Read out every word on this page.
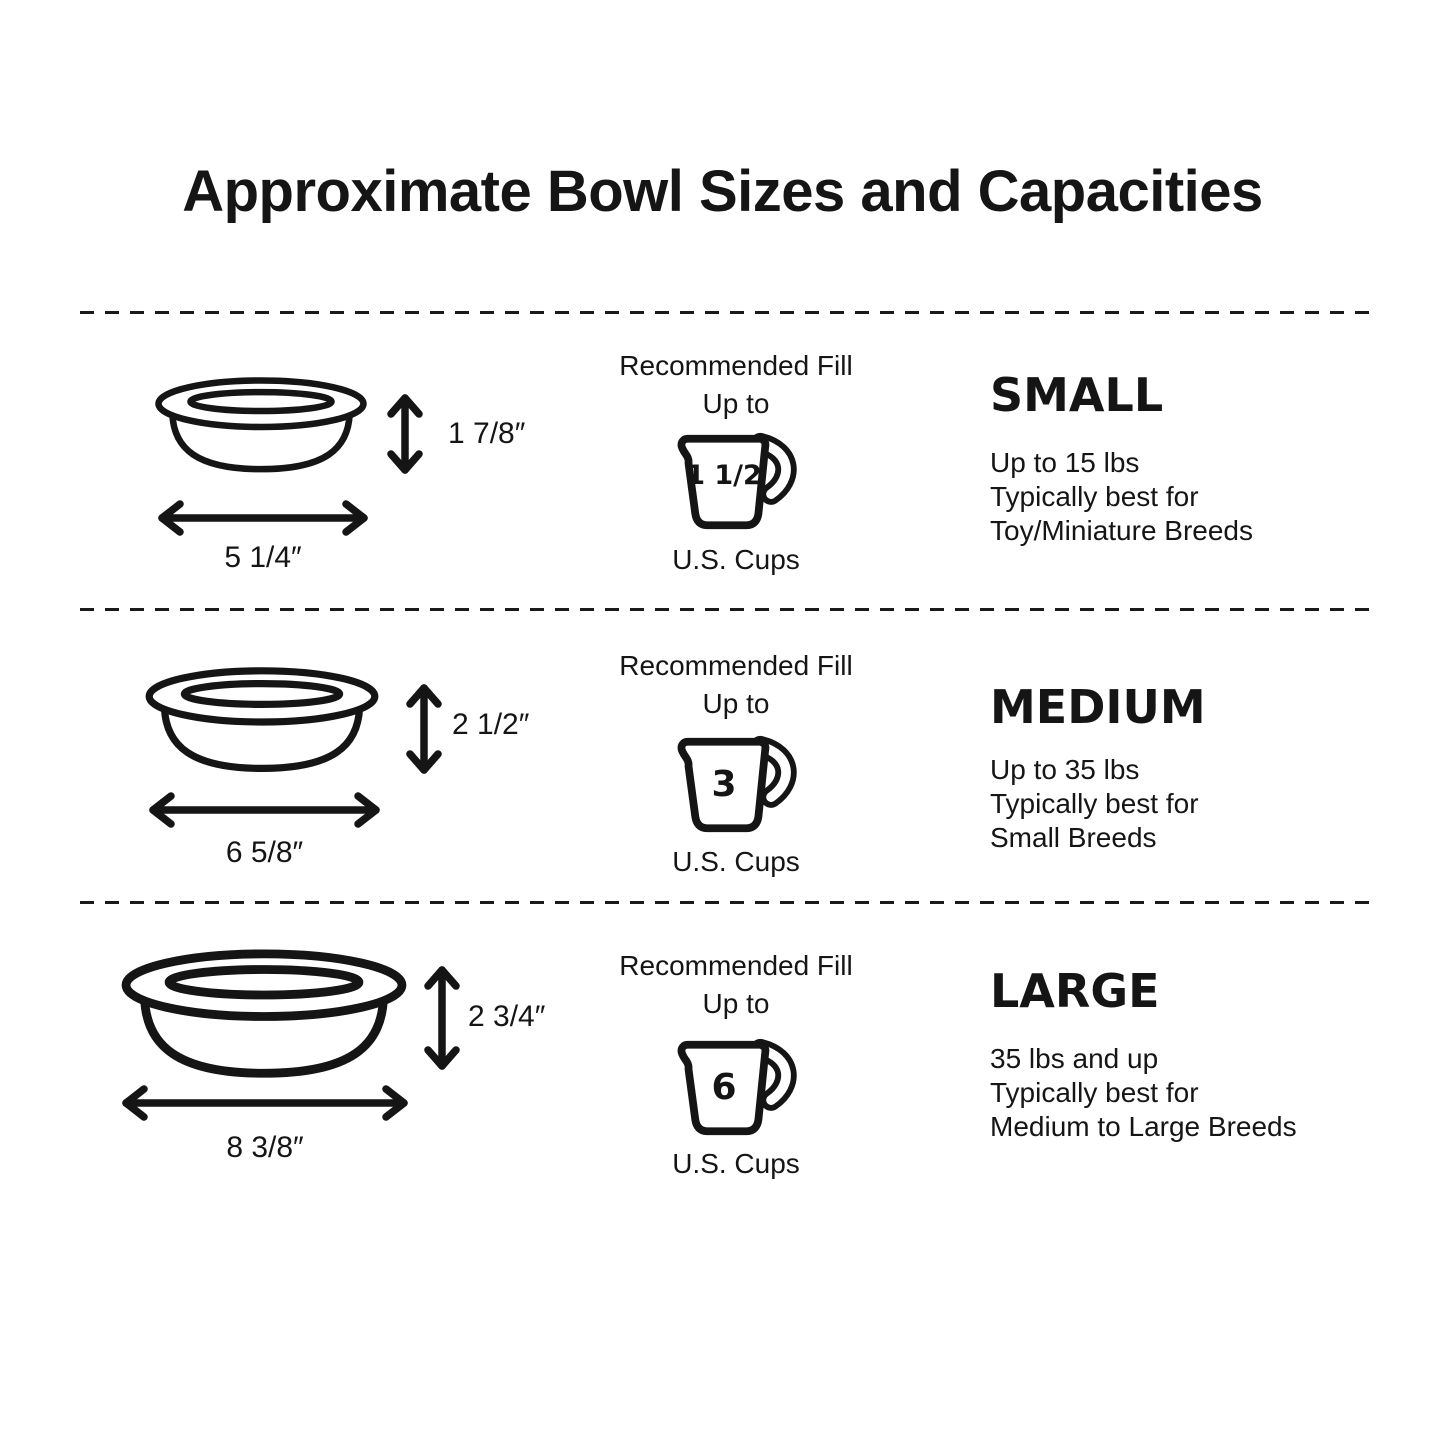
Approximate Bowl Sizes and Capacities
1 7/8″
5 1/4″
Recommended Fill
Up to
1 1/2
U.S. Cups
SMALL
Up to 15 lbs
Typically best for
Toy/Miniature Breeds
2 1/2″
6 5/8″
Recommended Fill
Up to
3
U.S. Cups
MEDIUM
Up to 35 lbs
Typically best for
Small Breeds
2 3/4″
8 3/8″
Recommended Fill
Up to
6
U.S. Cups
LARGE
35 lbs and up
Typically best for
Medium to Large Breeds
